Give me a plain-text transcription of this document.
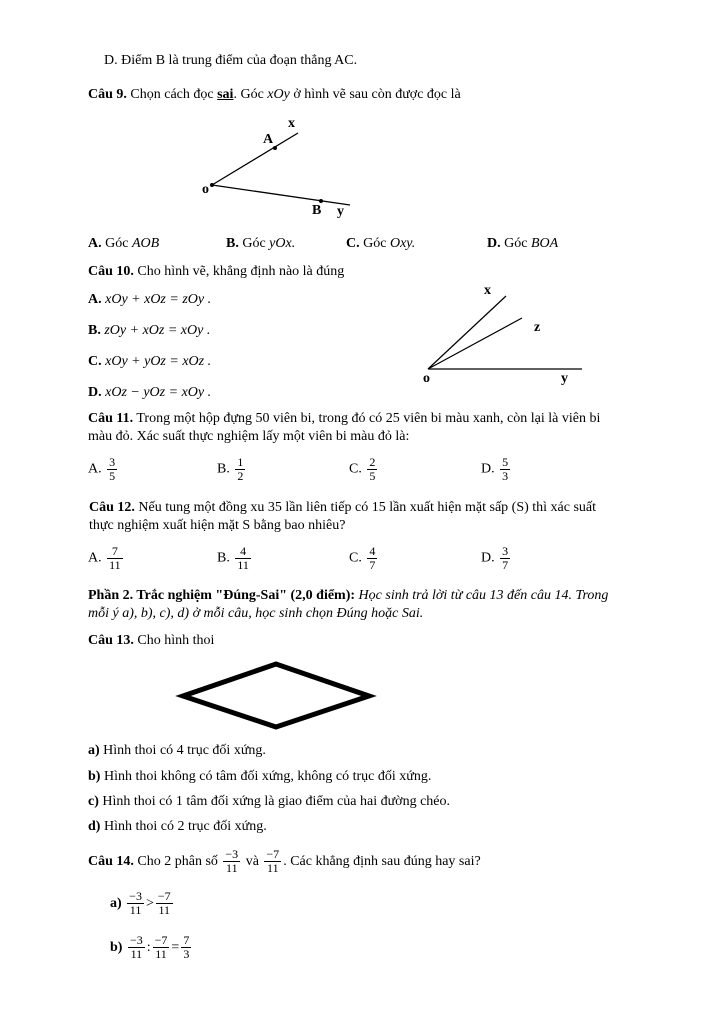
D. Điểm B là trung điểm của đoạn thẳng AC.
Câu 9. Chọn cách đọc sai. Góc xOy ở hình vẽ sau còn được đọc là
x
A
o
B y
A. Góc AOB	B. Góc yOx.	C. Góc Oxy.	D. Góc BOA
Câu 10. Cho hình vẽ, khẳng định nào là đúng
A. xOy + xOz = zOy .
B. zOy + xOz = xOy .
C. xOy + yOz = xOz .
D. xOz − yOz = xOy .
x
z
o	y
Câu 11. Trong một hộp đựng 50 viên bi, trong đó có 25 viên bi màu xanh, còn lại là viên bi
màu đỏ. Xác suất thực nghiệm lấy một viên bi màu đỏ là:
A. $\frac{3}{5}$	B. $\frac{1}{2}$	C. $\frac{2}{5}$	D. $\frac{5}{3}$
Câu 12. Nếu tung một đồng xu 35 lần liên tiếp có 15 lần xuất hiện mặt sấp (S) thì xác suất
thực nghiệm xuất hiện mặt S bằng bao nhiêu?
A. $\frac{7}{11}$	B. $\frac{4}{11}$	C. $\frac{4}{7}$	D. $\frac{3}{7}$
Phần 2. Trắc nghiệm "Đúng-Sai" (2,0 điểm): Học sinh trả lời từ câu 13 đến câu 14. Trong
mỗi ý a), b), c), d) ở mỗi câu, học sinh chọn Đúng hoặc Sai.
Câu 13. Cho hình thoi
a) Hình thoi có 4 trục đối xứng.
b) Hình thoi không có tâm đối xứng, không có trục đối xứng.
c) Hình thoi có 1 tâm đối xứng là giao điểm của hai đường chéo.
d) Hình thoi có 2 trục đối xứng.
Câu 14. Cho 2 phân số $\frac{-3}{11}$ và $\frac{-7}{11}$ . Các khẳng định sau đúng hay sai?
$a) \frac{-3}{11} > \frac{-7}{11}$
$b) \frac{-3}{11}$ : $\frac{-7}{11} = \frac{7}{3}$
